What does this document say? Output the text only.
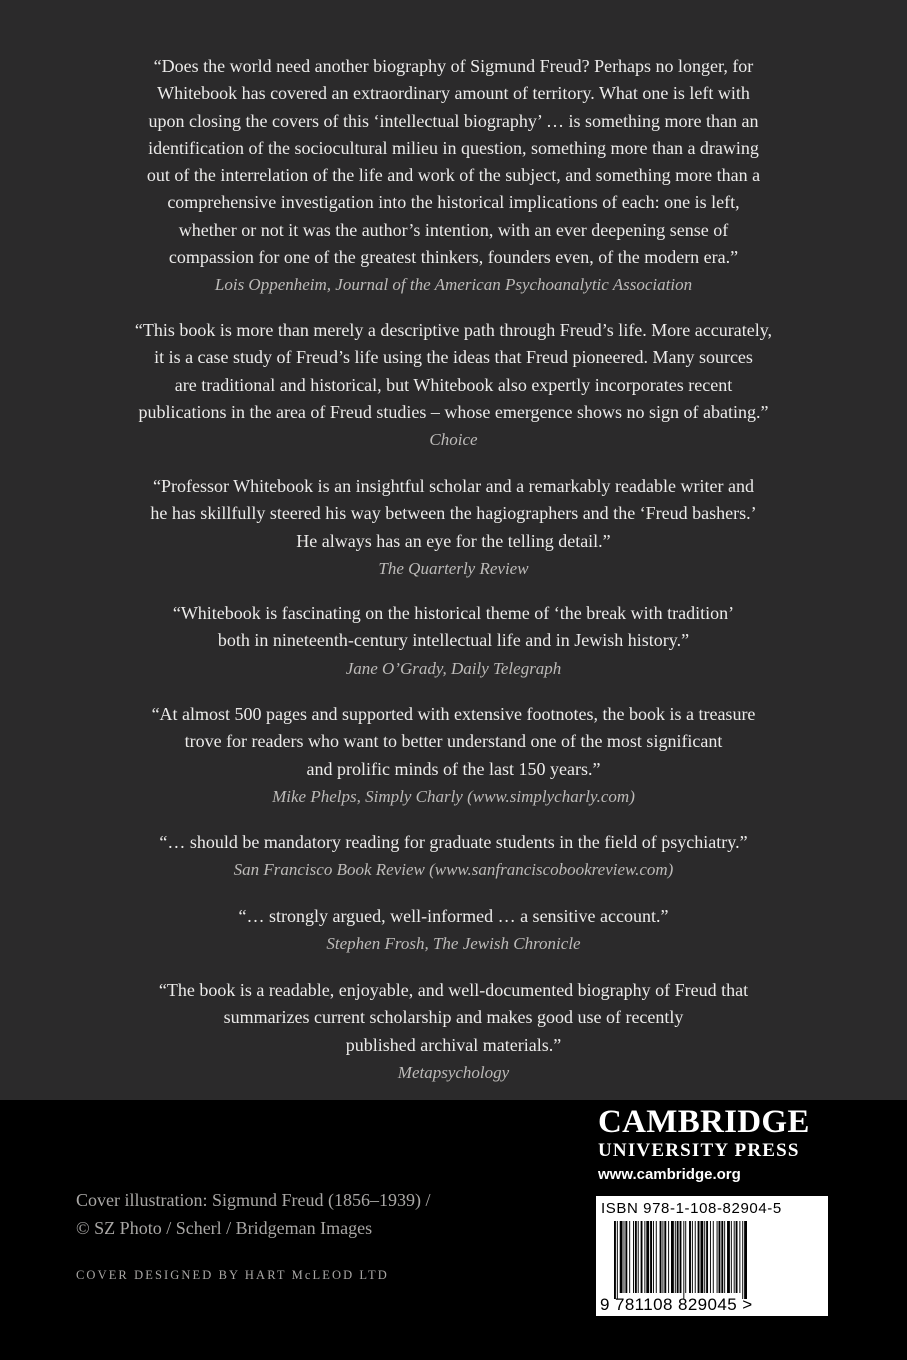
“Does the world need another biography of Sigmund Freud? Perhaps no longer, for
Whitebook has covered an extraordinary amount of territory. What one is left with
upon closing the covers of this ‘intellectual biography’ … is something more than an
identification of the sociocultural milieu in question, something more than a drawing
out of the interrelation of the life and work of the subject, and something more than a
comprehensive investigation into the historical implications of each: one is left,
whether or not it was the author’s intention, with an ever deepening sense of
compassion for one of the greatest thinkers, founders even, of the modern era.”
Lois Oppenheim, Journal of the American Psychoanalytic Association
“This book is more than merely a descriptive path through Freud’s life. More accurately,
it is a case study of Freud’s life using the ideas that Freud pioneered. Many sources
are traditional and historical, but Whitebook also expertly incorporates recent
publications in the area of Freud studies – whose emergence shows no sign of abating.”
Choice
“Professor Whitebook is an insightful scholar and a remarkably readable writer and
he has skillfully steered his way between the hagiographers and the ‘Freud bashers.’
He always has an eye for the telling detail.”
The Quarterly Review
“Whitebook is fascinating on the historical theme of ‘the break with tradition’
both in nineteenth-century intellectual life and in Jewish history.”
Jane O’Grady, Daily Telegraph
“At almost 500 pages and supported with extensive footnotes, the book is a treasure
trove for readers who want to better understand one of the most significant
and prolific minds of the last 150 years.”
Mike Phelps, Simply Charly (www.simplycharly.com)
“… should be mandatory reading for graduate students in the field of psychiatry.”
San Francisco Book Review (www.sanfranciscobookreview.com)
“… strongly argued, well-informed … a sensitive account.”
Stephen Frosh, The Jewish Chronicle
“The book is a readable, enjoyable, and well-documented biography of Freud that
summarizes current scholarship and makes good use of recently
published archival materials.”
Metapsychology
Cover illustration: Sigmund Freud (1856–1939) /
© SZ Photo / Scherl / Bridgeman Images
COVER DESIGNED BY HART McLEOD LTD
CAMBRIDGE
UNIVERSITY PRESS
www.cambridge.org
ISBN 978-1-108-82904-5
9 781108 829045 >
